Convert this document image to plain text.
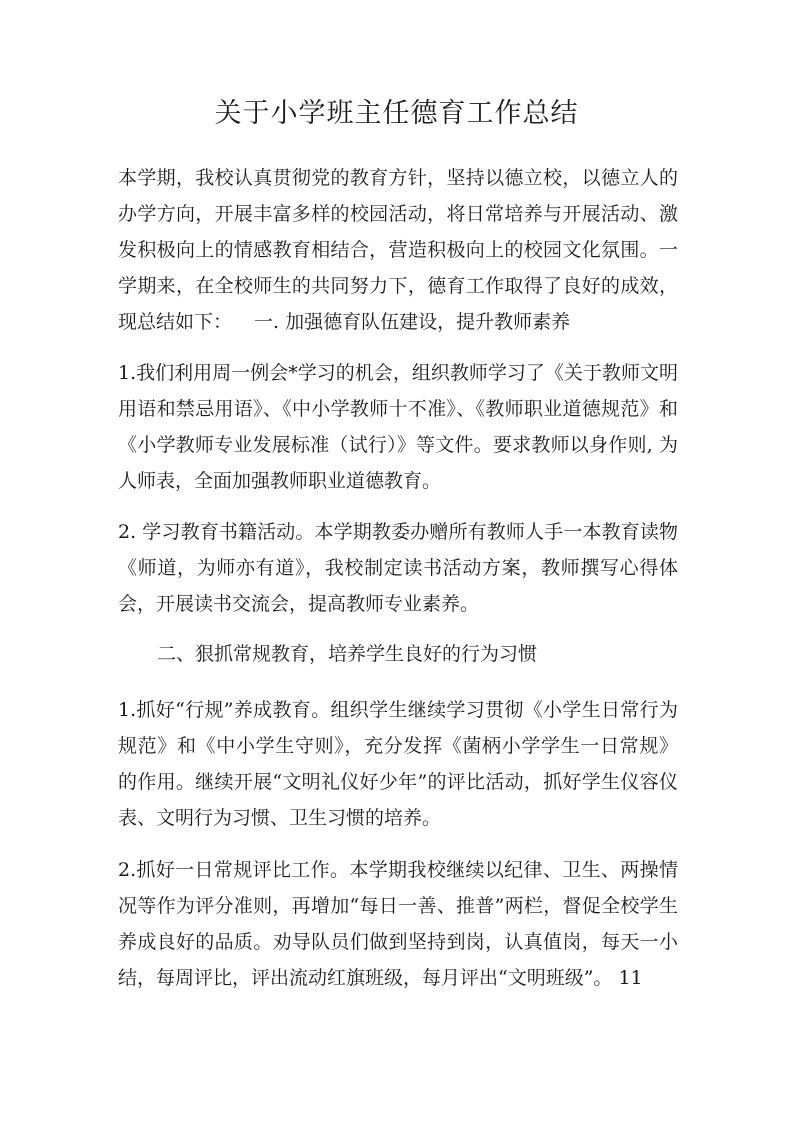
关于小学班主任德育工作总结

本学期，我校认真贯彻党的教育方针，坚持以德立校，以德立人的办学方向，开展丰富多样的校园活动，将日常培养与开展活动、激发积极向上的情感教育相结合，营造积极向上的校园文化氛围。一学期来，在全校师生的共同努力下，德育工作取得了良好的成效，现总结如下： 一. 加强德育队伍建设，提升教师素养

1.我们利用周一例会*学习的机会，组织教师学习了《关于教师文明用语和禁忌用语》、《中小学教师十不准》、《教师职业道德规范》和《小学教师专业发展标准（试行）》等文件。要求教师以身作则, 为人师表，全面加强教师职业道德教育。

2. 学习教育书籍活动。本学期教委办赠所有教师人手一本教育读物《师道，为师亦有道》，我校制定读书活动方案，教师撰写心得体会，开展读书交流会，提高教师专业素养。

二、狠抓常规教育，培养学生良好的行为习惯

1.抓好“行规”养成教育。组织学生继续学习贯彻《小学生日常行为规范》和《中小学生守则》，充分发挥《菌柄小学学生一日常规》的作用。继续开展“文明礼仪好少年”的评比活动，抓好学生仪容仪表、文明行为习惯、卫生习惯的培养。

2.抓好一日常规评比工作。本学期我校继续以纪律、卫生、两操情况等作为评分准则，再增加“每日一善、推普”两栏，督促全校学生养成良好的品质。劝导队员们做到坚持到岗，认真值岗，每天一小结，每周评比，评出流动红旗班级，每月评出“文明班级”。 11
